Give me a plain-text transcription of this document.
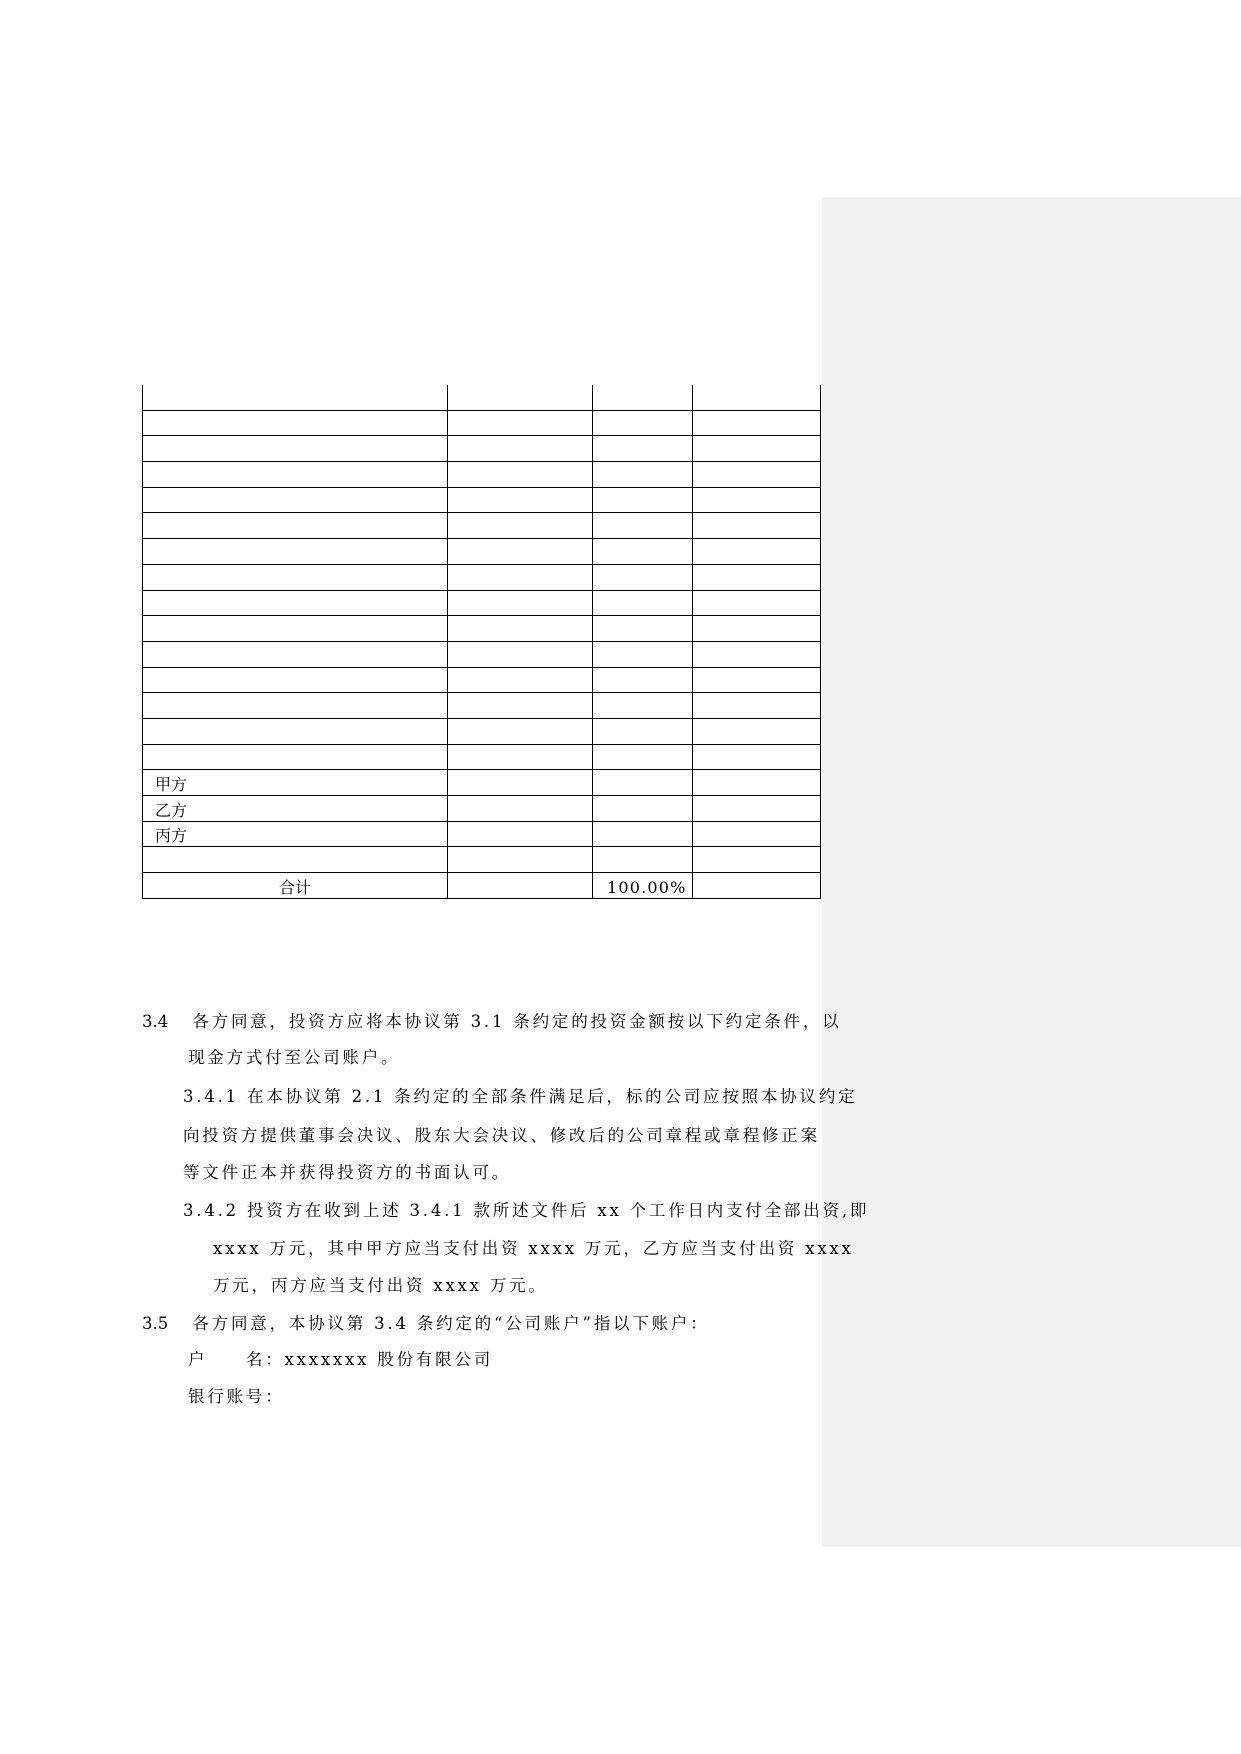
甲方			
乙方			
丙方			

合计		100.00%	
3.4 各方同意，投资方应将本协议第 3.1 条约定的投资金额按以下约定条件，以
现金方式付至公司账户。
3.4.1 在本协议第 2.1 条约定的全部条件满足后，标的公司应按照本协议约定
向投资方提供董事会决议、股东大会决议、修改后的公司章程或章程修正案
等文件正本并获得投资方的书面认可。
3.4.2 投资方在收到上述 3.4.1 款所述文件后 xx 个工作日内支付全部出资,即
xxxx 万元，其中甲方应当支付出资 xxxx 万元，乙方应当支付出资 xxxx
万元，丙方应当支付出资 xxxx 万元。
3.5 各方同意，本协议第 3.4 条约定的“公司账户”指以下账户：
户　　名：xxxxxxx 股份有限公司
银行账号：
